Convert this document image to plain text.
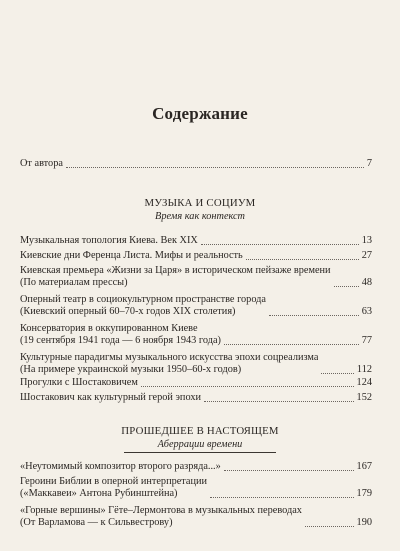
Содержание
От автора	7
МУЗЫКА И СОЦИУМ
Время как контекст
Музыкальная топология Киева. Век XIX	13
Киевские дни Ференца Листа. Мифы и реальность	27
Киевская премьера «Жизни за Царя» в историческом пейзаже времени
(По материалам прессы)	48
Оперный театр в социокультурном пространстве города
(Киевский оперный 60–70-х годов XIX столетия)	63
Консерватория в оккупированном Киеве
(19 сентября 1941 года — 6 ноября 1943 года)	77
Культурные парадигмы музыкального искусства эпохи соцреализма
(На примере украинской музыки 1950–60-х годов)	112
Прогулки с Шостаковичем	124
Шостакович как культурный герой эпохи	152
ПРОШЕДШЕЕ В НАСТОЯЩЕМ
Аберрации времени
«Неутомимый композитор второго разряда...»	167
Героини Библии в оперной интерпретации
(«Маккавеи» Антона Рубинштейна)	179
«Горные вершины» Гёте–Лермонтова в музыкальных переводах
(От Варламова — к Сильвестрову)	190
